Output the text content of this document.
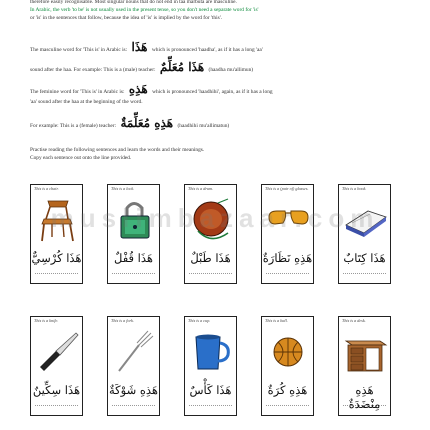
therefore easily recognisable. Most singular nouns that do not end in taa marbuta are masculine.
In Arabic, the verb 'to be' is not usually used in the present tense, so you don't need a separate word for 'is'
or 'is' in the sentences that follow, because the idea of 'is' is implied by the word for 'this'.
The masculine word for 'This is' in Arabic is: هَذَا which is pronounced 'haadha', as if it has a long 'aa'
sound after the haa. For example: This is a (male) teacher: هَذَا مُعَلِّمٌ (haadha mu'allimun)
The feminine word for 'This is' in Arabic is: هَذِهِ which is pronounced 'haadhihi', again, as if it has a long
'aa' sound after the haa at the beginning of the word.
For example: This is a (female) teacher: هَذِهِ مُعَلِّمَةٌ (haadhihi mu'allimatun)
Practise reading the following sentences and learn the words and their meanings.
Copy each sentence out onto the line provided.
This is a chair.
هَذَا كُرْسِيٌّ
This is a lock.
هَذَا قُفْلٌ
This is a drum.
هَذَا طَبْلٌ
This is a (pair of) glasses.
هَذِهِ نَظَارَةٌ
This is a book.
هَذَا كِتَابٌ
This is a knife.
هَذَا سِكِّينٌ
This is a fork.
هَذِهِ شَوْكَةٌ
This is a cup.
هَذَا كَأْسٌ
This is a ball.
هَذِهِ كُرَةٌ
This is a desk.
هَذِهِ مِنْضَدَةٌ
muslimbazaar.com
